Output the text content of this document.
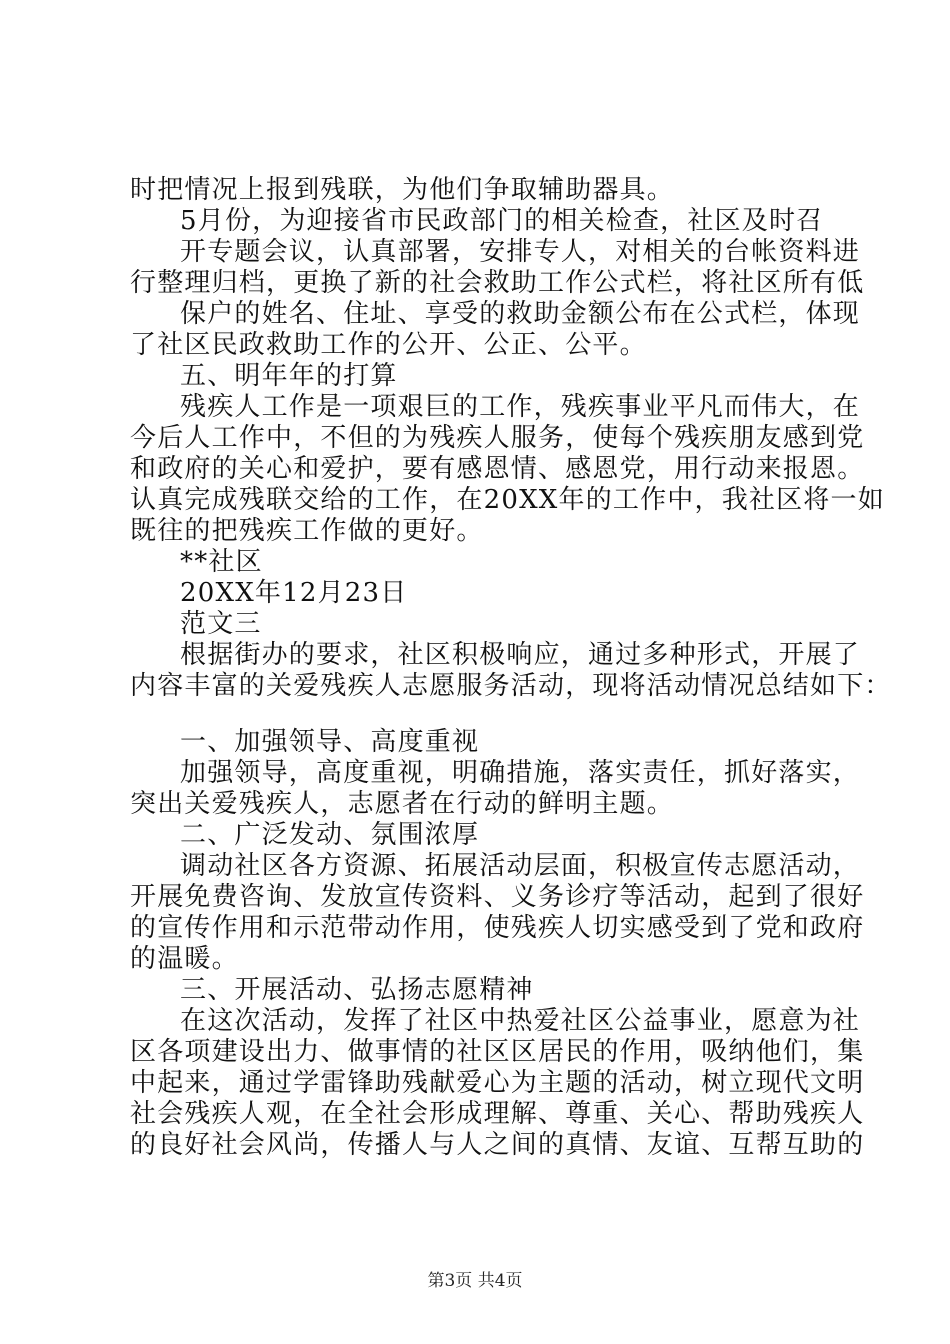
时把情况上报到残联，为他们争取辅助器具。
5月份，为迎接省市民政部门的相关检查，社区及时召
开专题会议，认真部署，安排专人，对相关的台帐资料进
行整理归档，更换了新的社会救助工作公式栏，将社区所有低
保户的姓名、住址、享受的救助金额公布在公式栏，体现
了社区民政救助工作的公开、公正、公平。
五、明年年的打算
残疾人工作是一项艰巨的工作，残疾事业平凡而伟大，在
今后人工作中，不但的为残疾人服务，使每个残疾朋友感到党
和政府的关心和爱护，要有感恩情、感恩党，用行动来报恩。
认真完成残联交给的工作，在20XX年的工作中，我社区将一如
既往的把残疾工作做的更好。
**社区
20XX年12月23日
范文三
根据街办的要求，社区积极响应，通过多种形式，开展了
内容丰富的关爱残疾人志愿服务活动，现将活动情况总结如下：
一、加强领导、高度重视
加强领导，高度重视，明确措施，落实责任，抓好落实，
突出关爱残疾人，志愿者在行动的鲜明主题。
二、广泛发动、氛围浓厚
调动社区各方资源、拓展活动层面，积极宣传志愿活动，
开展免费咨询、发放宣传资料、义务诊疗等活动，起到了很好
的宣传作用和示范带动作用，使残疾人切实感受到了党和政府
的温暖。
三、开展活动、弘扬志愿精神
在这次活动，发挥了社区中热爱社区公益事业，愿意为社
区各项建设出力、做事情的社区区居民的作用，吸纳他们，集
中起来，通过学雷锋助残献爱心为主题的活动，树立现代文明
社会残疾人观，在全社会形成理解、尊重、关心、帮助残疾人
的良好社会风尚，传播人与人之间的真情、友谊、互帮互助的
第3页 共4页
